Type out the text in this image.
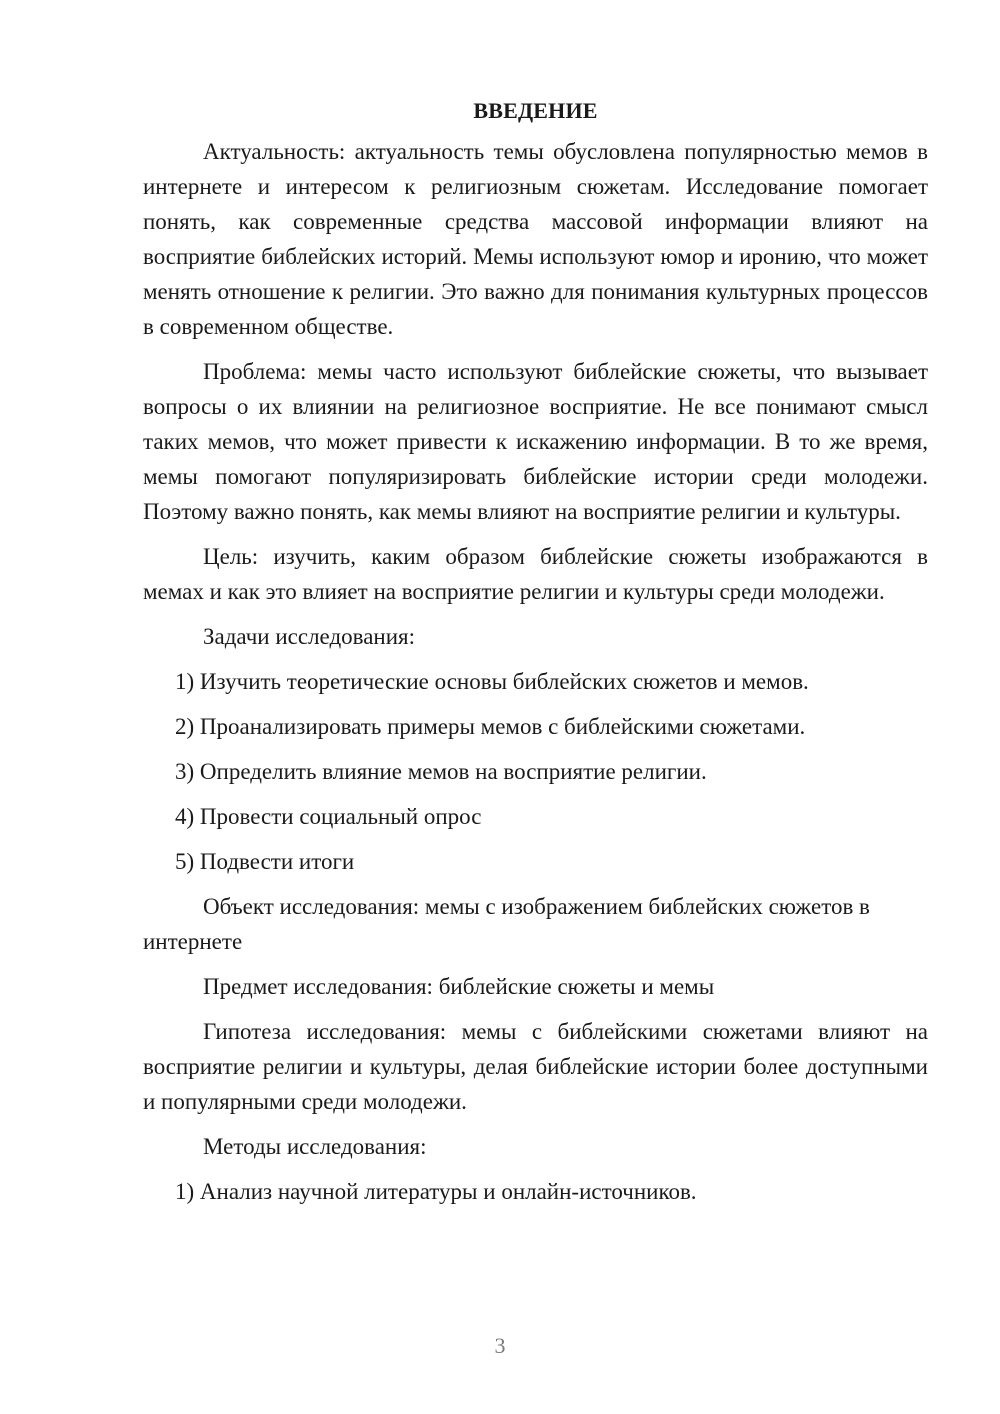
ВВЕДЕНИЕ

Актуальность: актуальность темы обусловлена популярностью мемов в интернете и интересом к религиозным сюжетам. Исследование помогает понять, как современные средства массовой информации влияют на восприятие библейских историй. Мемы используют юмор и иронию, что может менять отношение к религии. Это важно для понимания культурных процессов в современном обществе.

Проблема: мемы часто используют библейские сюжеты, что вызывает вопросы о их влиянии на религиозное восприятие. Не все понимают смысл таких мемов, что может привести к искажению информации. В то же время, мемы помогают популяризировать библейские истории среди молодежи. Поэтому важно понять, как мемы влияют на восприятие религии и культуры.

Цель: изучить, каким образом библейские сюжеты изображаются в мемах и как это влияет на восприятие религии и культуры среди молодежи.

Задачи исследования:

1) Изучить теоретические основы библейских сюжетов и мемов.
2) Проанализировать примеры мемов с библейскими сюжетами.
3) Определить влияние мемов на восприятие религии.
4) Провести социальный опрос
5) Подвести итоги

Объект исследования: мемы с изображением библейских сюжетов в интернете

Предмет исследования: библейские сюжеты и мемы

Гипотеза исследования: мемы с библейскими сюжетами влияют на восприятие религии и культуры, делая библейские истории более доступными и популярными среди молодежи.

Методы исследования:

1) Анализ научной литературы и онлайн-источников.
3
